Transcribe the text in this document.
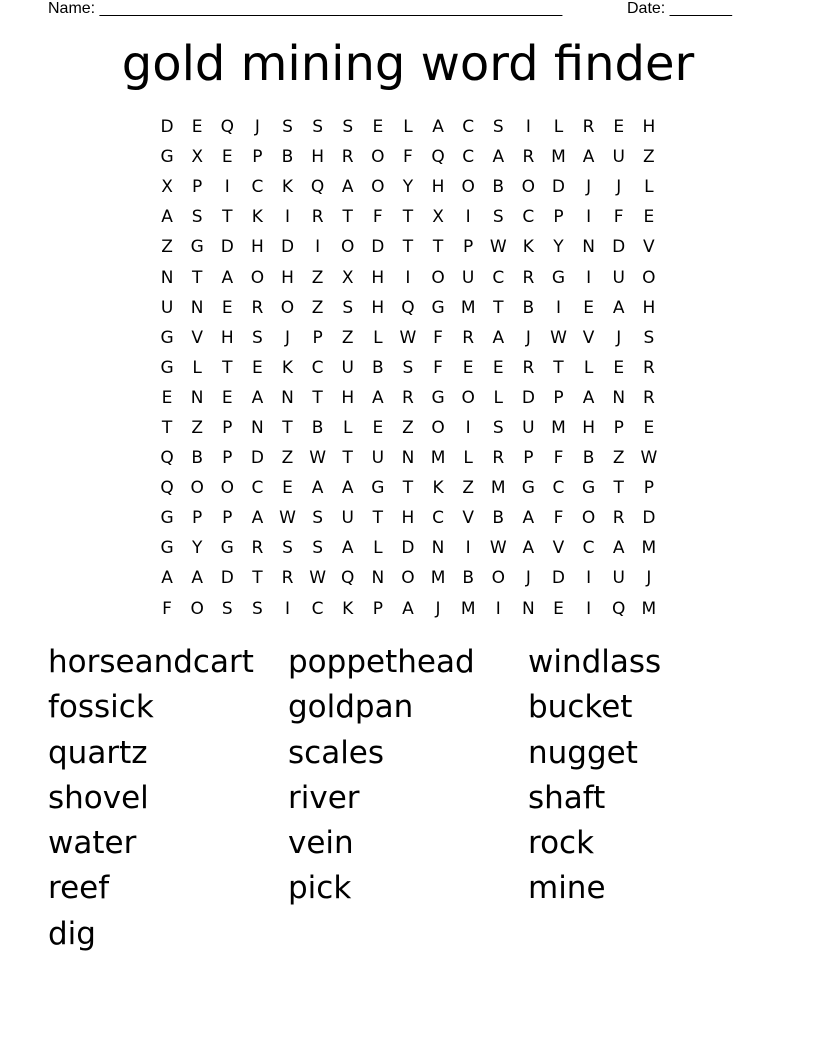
Name: ____________________________________________________	Date: _______
gold mining word finder
D	E	Q	J	S	S	S	E	L	A	C	S	I	L	R	E	H
G	X	E	P	B	H	R	O	F	Q	C	A	R	M	A	U	Z
X	P	I	C	K	Q	A	O	Y	H	O	B	O	D	J	J	L
A	S	T	K	I	R	T	F	T	X	I	S	C	P	I	F	E
Z	G	D	H	D	I	O	D	T	T	P	W	K	Y	N	D	V
N	T	A	O	H	Z	X	H	I	O	U	C	R	G	I	U	O
U	N	E	R	O	Z	S	H	Q	G	M	T	B	I	E	A	H
G	V	H	S	J	P	Z	L	W	F	R	A	J	W	V	J	S
G	L	T	E	K	C	U	B	S	F	E	E	R	T	L	E	R
E	N	E	A	N	T	H	A	R	G	O	L	D	P	A	N	R
T	Z	P	N	T	B	L	E	Z	O	I	S	U	M	H	P	E
Q	B	P	D	Z	W	T	U	N	M	L	R	P	F	B	Z	W
Q	O	O	C	E	A	A	G	T	K	Z	M	G	C	G	T	P
G	P	P	A	W	S	U	T	H	C	V	B	A	F	O	R	D
G	Y	G	R	S	S	A	L	D	N	I	W	A	V	C	A	M
A	A	D	T	R	W	Q	N	O	M	B	O	J	D	I	U	J
F	O	S	S	I	C	K	P	A	J	M	I	N	E	I	Q	M
horseandcart	poppethead	windlass
fossick	goldpan	bucket
quartz	scales	nugget
shovel	river	shaft
water	vein	rock
reef	pick	mine
dig
